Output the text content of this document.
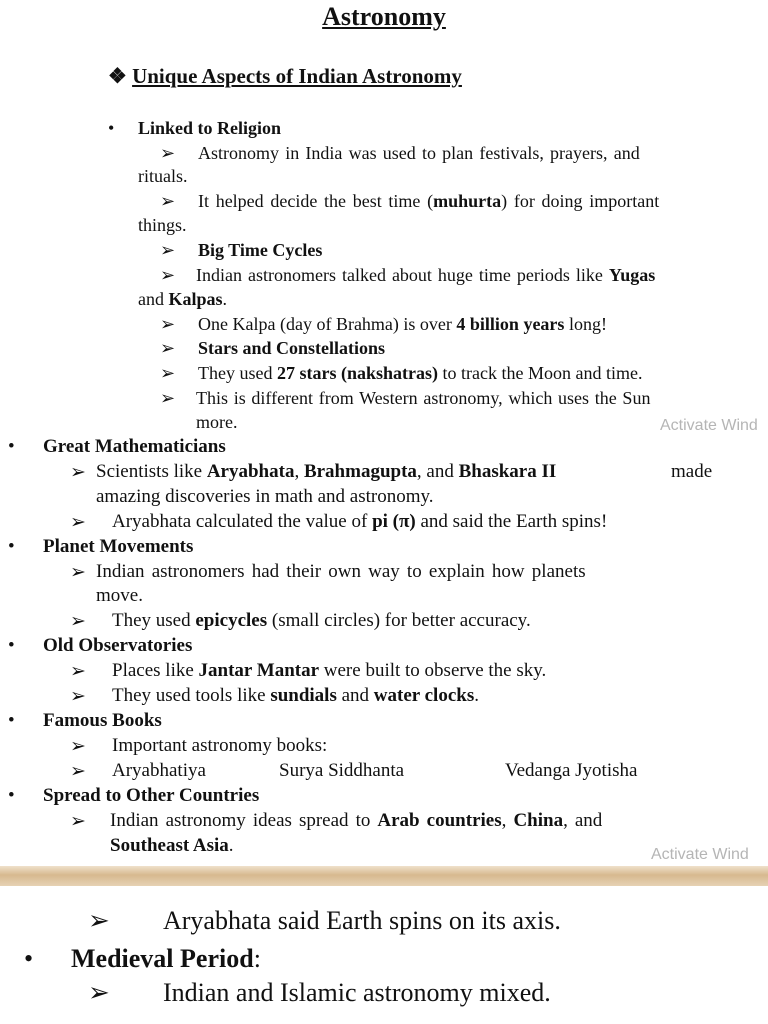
Astronomy
❖ Unique Aspects of Indian Astronomy
• Linked to Religion
➢ Astronomy in India was used to plan festivals, prayers, and
rituals.
➢ It helped decide the best time (muhurta) for doing important
things.
➢ Big Time Cycles
➢ Indian astronomers talked about huge time periods like Yugas
and Kalpas.
➢ One Kalpa (day of Brahma) is over 4 billion years long!
➢ Stars and Constellations
➢ They used 27 stars (nakshatras) to track the Moon and time.
➢ This is different from Western astronomy, which uses the Sun
more.	Activate Wind
• Great Mathematicians
➢ Scientists like Aryabhata, Brahmagupta, and Bhaskara II	made
amazing discoveries in math and astronomy.
➢ Aryabhata calculated the value of pi (π) and said the Earth spins!
• Planet Movements
➢ Indian astronomers had their own way to explain how planets
move.
➢ They used epicycles (small circles) for better accuracy.
• Old Observatories
➢ Places like Jantar Mantar were built to observe the sky.
➢ They used tools like sundials and water clocks.
• Famous Books
➢ Important astronomy books:
➢ Aryabhatiya	Surya Siddhanta	Vedanga Jyotisha
• Spread to Other Countries
➢ Indian astronomy ideas spread to Arab countries, China, and
Southeast Asia.	Activate Wind
➢ Aryabhata said Earth spins on its axis.
• Medieval Period:
➢ Indian and Islamic astronomy mixed.
